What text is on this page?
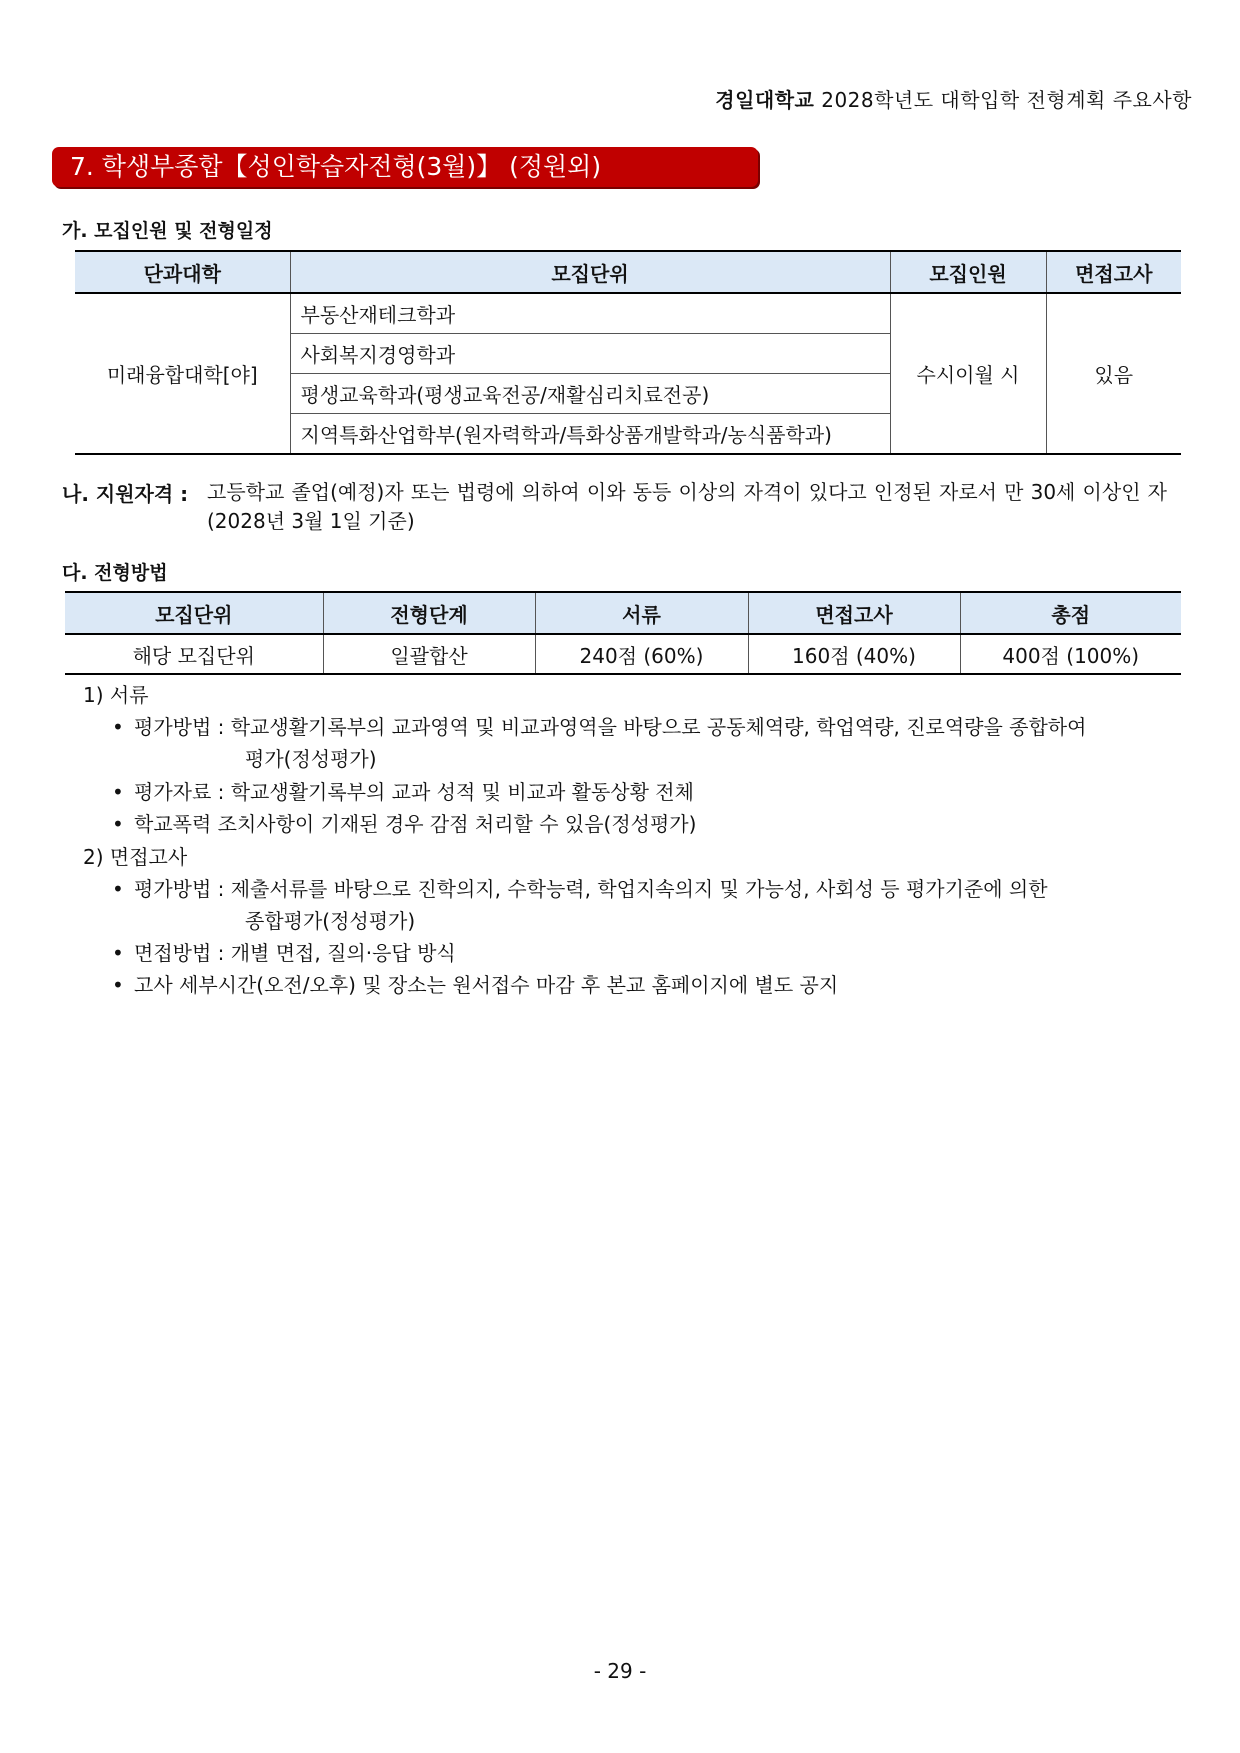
경일대학교 2028학년도 대학입학 전형계획 주요사항
7. 학생부종합【성인학습자전형(3월)】 (정원외)
가. 모집인원 및 전형일정
단과대학	모집단위	모집인원	면접고사
미래융합대학[야]	부동산재테크학과	수시이월 시	있음
	사회복지경영학과		
	평생교육학과(평생교육전공/재활심리치료전공)		
	지역특화산업학부(원자력학과/특화상품개발학과/농식품학과)		
나. 지원자격 : 고등학교 졸업(예정)자 또는 법령에 의하여 이와 동등 이상의 자격이 있다고 인정된 자로서 만 30세 이상인 자(2028년 3월 1일 기준)
다. 전형방법
모집단위	전형단계	서류	면접고사	총점
해당 모집단위	일괄합산	240점 (60%)	160점 (40%)	400점 (100%)
1) 서류
• 평가방법 : 학교생활기록부의 교과영역 및 비교과영역을 바탕으로 공동체역량, 학업역량, 진로역량을 종합하여
평가(정성평가)
• 평가자료 : 학교생활기록부의 교과 성적 및 비교과 활동상황 전체
• 학교폭력 조치사항이 기재된 경우 감점 처리할 수 있음(정성평가)
2) 면접고사
• 평가방법 : 제출서류를 바탕으로 진학의지, 수학능력, 학업지속의지 및 가능성, 사회성 등 평가기준에 의한
종합평가(정성평가)
• 면접방법 : 개별 면접, 질의·응답 방식
• 고사 세부시간(오전/오후) 및 장소는 원서접수 마감 후 본교 홈페이지에 별도 공지
- 29 -
